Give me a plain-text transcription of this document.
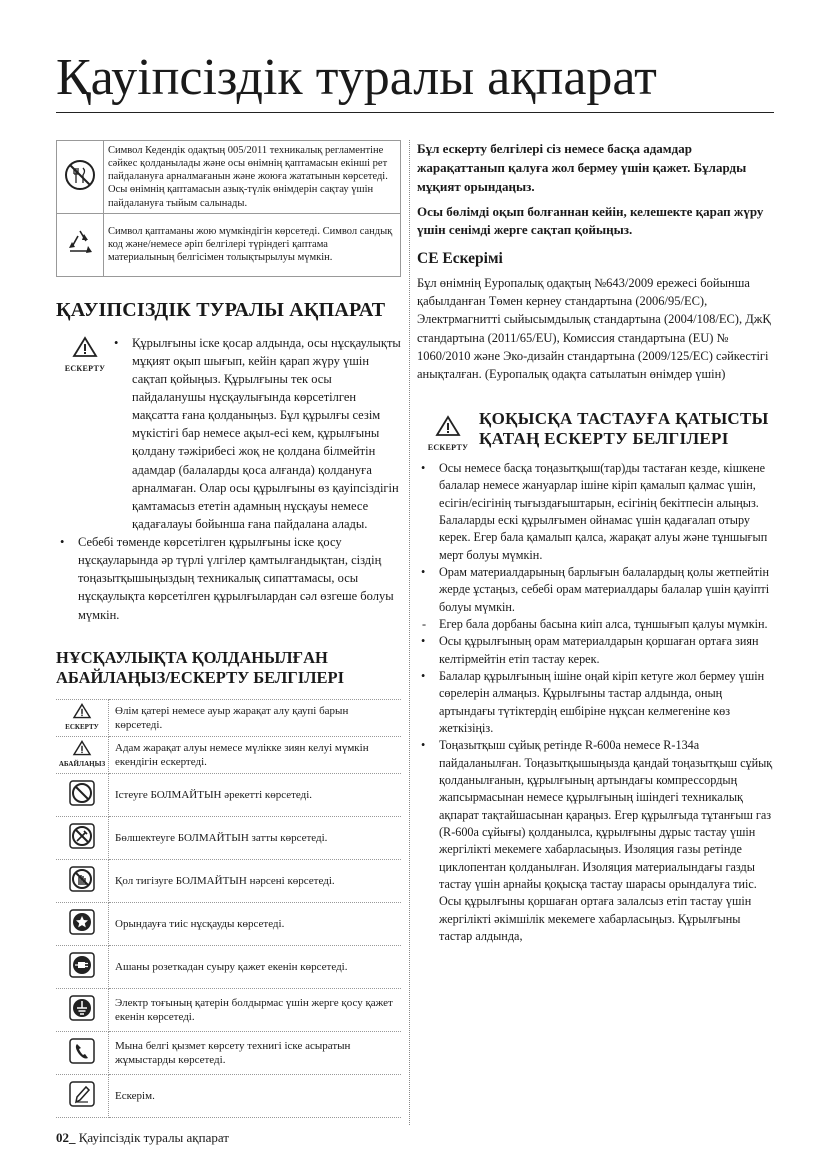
Қауіпсіздік туралы ақпарат
	Символ Кедендік одақтың 005/2011 техникалық регламентіне сәйкес қолданылады және осы өнімнің қаптамасын екінші рет пайдалануға арналмағанын және жоюға жататынын көрсетеді. Осы өнімнің қаптамасын азық-түлік өнімдерін сақтау үшін пайдалануға тыйым салынады.
	Символ қаптаманы жою мүмкіндігін көрсетеді. Символ сандық код және/немесе әріп белгілері түріндегі қаптама материалының белгісімен толықтырылуы мүмкін.
ҚАУІПСІЗДІК ТУРАЛЫ АҚПАРАТ
ЕСКЕРТУ
• Құрылғыны іске қосар алдында, осы нұсқаулықты мұқият оқып шығып, кейін қарап жүру үшін сақтап қойыңыз. Құрылғыны тек осы пайдаланушы нұсқаулығында көрсетілген мақсатта ғана қолданыңыз. Бұл құрылғы сезім мүкістігі бар немесе ақыл-есі кем, құрылғыны қолдану тәжірибесі жоқ не қолдана білмейтін адамдар (балаларды қоса алғанда) қолдануға арналмаған. Олар осы құрылғыны өз қауіпсіздігін қамтамасыз ететін адамның нұсқауы немесе қадағалауы бойынша ғана пайдалана алады.
• Себебі төменде көрсетілген құрылғыны іске қосу нұсқауларында әр түрлі үлгілер қамтылғандықтан, сіздің тоңазытқышыңыздың техникалық сипаттамасы, осы нұсқаулықта көрсетілген құрылғылардан сәл өзгеше болуы мүмкін.
НҰСҚАУЛЫҚТА ҚОЛДАНЫЛҒАН АБАЙЛАҢЫЗ/ЕСКЕРТУ БЕЛГІЛЕРІ
ЕСКЕРТУ	Өлім қатері немесе ауыр жарақат алу қаупі барын көрсетеді.

АБАЙЛАҢЫЗ	Адам жарақат алуы немесе мүлікке зиян келуі мүмкін екендігін ескертеді.
	Істеуге БОЛМАЙТЫН әрекетті көрсетеді.
	Бөлшектеуге БОЛМАЙТЫН затты көрсетеді.
	Қол тигізуге БОЛМАЙТЫН нәрсені көрсетеді.
	Орындауға тиіс нұсқауды көрсетеді.
	Ашаны розеткадан суыру қажет екенін көрсетеді.
	Электр тоғының қатерін болдырмас үшін жерге қосу қажет екенін көрсетеді.
	Мына белгі қызмет көрсету технигі іске асыратын жұмыстарды көрсетеді.
	Ескерім.

Бұл ескерту белгілері сіз немесе басқа адамдар жарақаттанып қалуға жол бермеу үшін қажет. Бұларды мұқият орындаңыз.

Осы бөлімді оқып болғаннан кейін, келешекте қарап жүру үшін сенімді жерге сақтап қойыңыз.

CE Ескерімі

Бұл өнімнің Еуропалық одақтың №643/2009 ережесі бойынша қабылданған Төмен кернеу стандартына (2006/95/EC), Электрмагнитті сыйысымдылық стандартына (2004/108/EC), ДжҚ стандартына (2011/65/EU), Комиссия стандартына (EU) № 1060/2010 және Эко-дизайн стандартына (2009/125/EC) сәйкестігі анықталған. (Еуропалық одақта сатылатын өнімдер үшін)

ЕСКЕРТУ
ҚОҚЫСҚА ТАСТАУҒА ҚАТЫСТЫ ҚАТАҢ ЕСКЕРТУ БЕЛГІЛЕРІ
• Осы немесе басқа тоңазытқыш(тар)ды тастаған кезде, кішкене балалар немесе жануарлар ішіне кіріп қамалып қалмас үшін, есігін/есігінің тығыздағыштарын, есігінің бекітпесін алыңыз. Балаларды ескі құрылғымен ойнамас үшін қадағалап отыру керек. Егер бала қамалып қалса, жарақат алуы және тұншығып мерт болуы мүмкін.
• Орам материалдарының барлығын балалардың қолы жетпейтін жерде ұстаңыз, себебі орам материалдары балалар үшін қауіпті болуы мүмкін.
- Егер бала дорбаны басына киіп алса, тұншығып қалуы мүмкін.
• Осы құрылғының орам материалдарын қоршаған ортаға зиян келтірмейтін етіп тастау керек.
• Балалар құрылғының ішіне оңай кіріп кетуге жол бермеу үшін сөрелерін алмаңыз. Құрылғыны тастар алдында, оның артындағы түтіктердің ешбіріне нұқсан келмегеніне көз жеткізіңіз.
• Тоңазытқыш сұйық ретінде R-600a немесе R-134a пайдаланылған. Тоңазытқышыңызда қандай тоңазытқыш сұйық қолданылғанын, құрылғының артындағы компрессордың жапсырмасынан немесе құрылғының ішіндегі техникалық ақпарат тақтайшасынан қараңыз. Егер құрылғыда тұтанғыш газ (R-600a сұйығы) қолданылса, құрылғыны дұрыс тастау үшін жергілікті мекемеге хабарласыңыз. Изоляция газы ретінде циклопентан қолданылған. Изоляция материалындағы газды тастау үшін арнайы қоқысқа тастау шарасы орындалуға тиіс. Осы құрылғыны қоршаған ортаға залалсыз етіп тастау үшін жергілікті әкімшілік мекемеге хабарласыңыз. Құрылғыны тастар алдында,
02_ Қауіпсіздік туралы ақпарат
